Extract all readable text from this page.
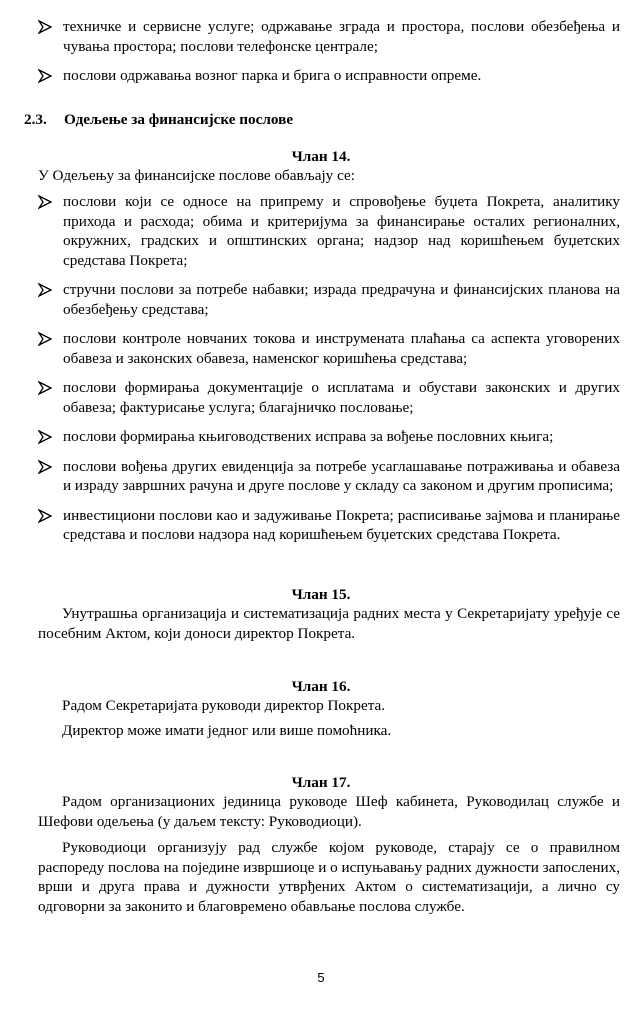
техничке и сервисне услуге; одржавање зграда и простора, послови обезбеђења и чувања простора; послови телефонске централе;
послови одржавања возног парка и брига о исправности опреме.
2.3. Одељење за финансијске послове
Члан 14.
У Одељењу за финансијске послове обављају се:
послови који се односе на припрему и спровођење буџета Покрета, аналитику прихода и расхода; обима и критеријума за финансирање осталих регионалних, окружних, градских и општинских органа; надзор над коришћењем буџетских средстава Покрета;
стручни послови за потребе набавки; израда предрачуна и финансијских планова на обезбеђењу средстава;
послови контроле новчаних токова и инструмената плаћања са аспекта уговорених обавеза и законских обавеза, наменског коришћења средстава;
послови формирања документације о исплатама и обустави законских и других обавеза; фактурисање услуга; благајничко пословање;
послови формирања књиговодствених исправа за вођење пословних књига;
послови вођења других евиденција за потребе усаглашавање потраживања и обавеза и израду завршних рачуна и друге послове у складу са законом и другим прописима;
инвестициони послови као и задуживање Покрета; расписивање зајмова и планирање средстава и послови надзора над коришћењем буџетских средстава Покрета.
Члан 15.
Унутрашња организација и систематизација радних места у Секретаријату уређује се посебним Актом, који доноси директор Покрета.
Члан 16.
Радом Секретаријата руководи директор Покрета.
Директор може имати једног или више помоћника.
Члан 17.
Радом организационих јединица руководе Шеф кабинета, Руководилац службе и Шефови одељења (у даљем тексту: Руководиоци).
Руководиоци организују рад службе којом руководе, старају се о правилном распореду послова на поједине извршиоце и о испуњавању радних дужности запослених, врши и друга права и дужности утврђених Актом о систематизацији, а лично су одговорни за законито и благовремено обављање послова службе.
5
